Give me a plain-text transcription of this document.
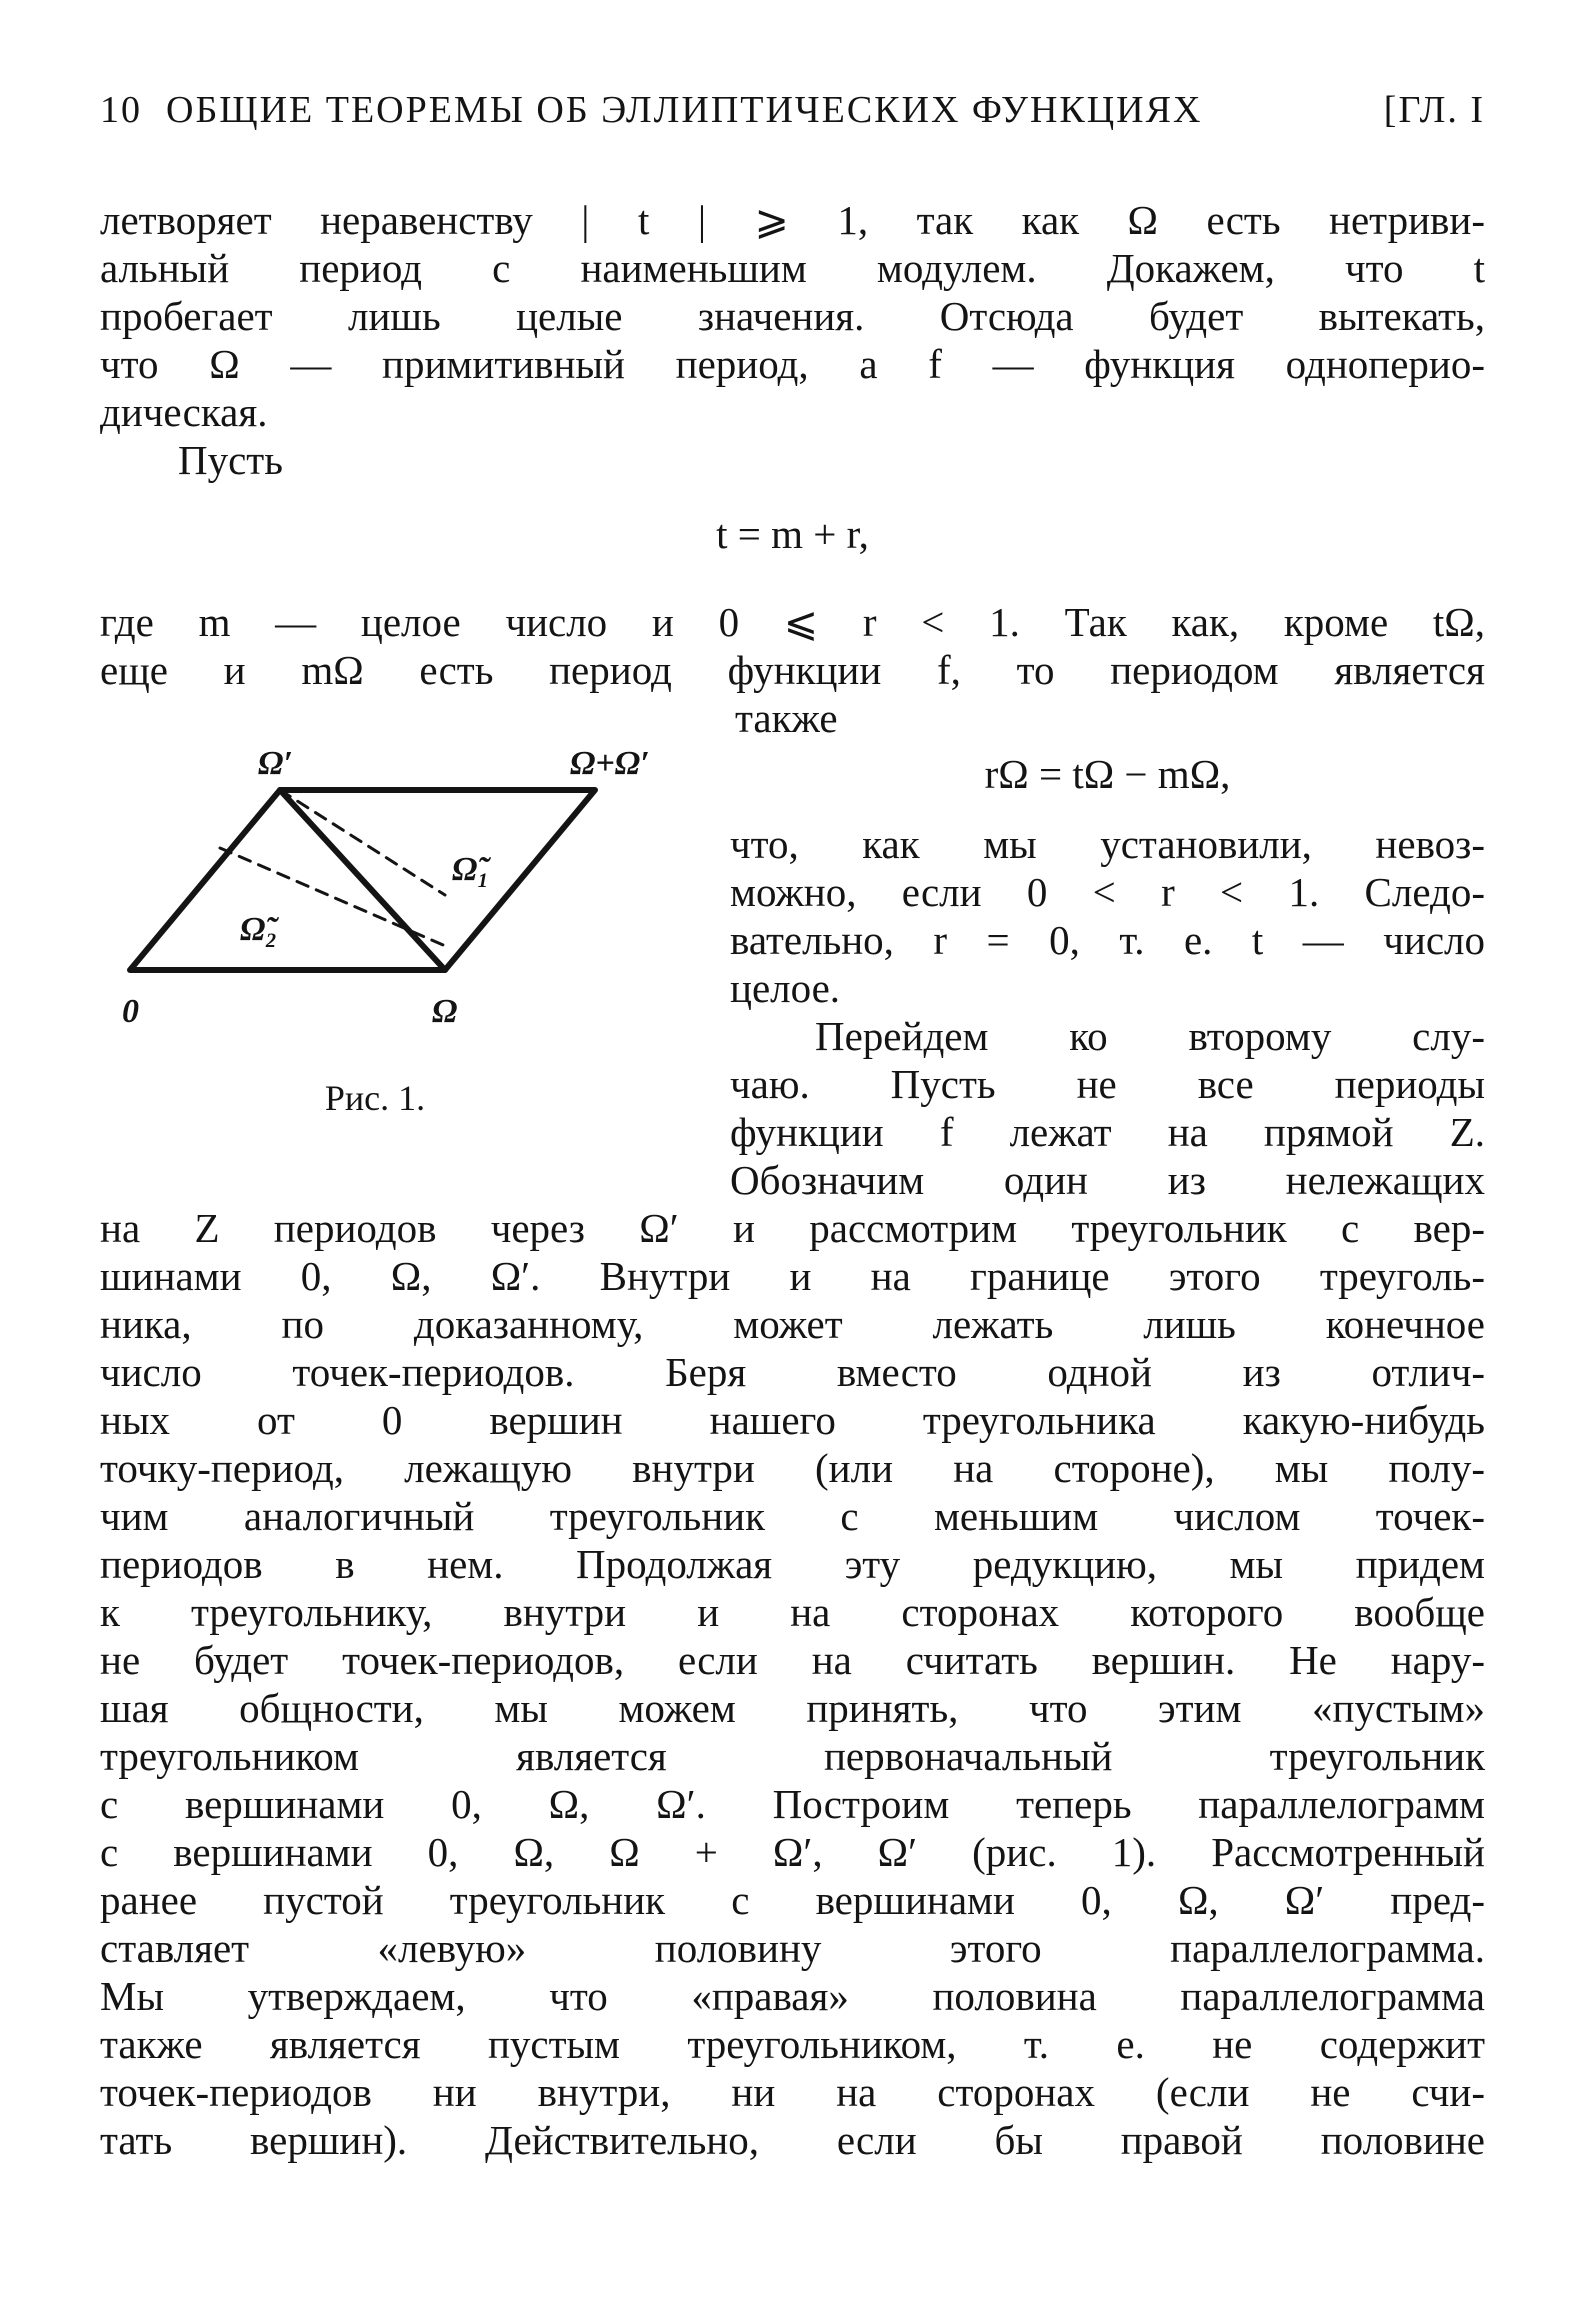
10 ОБЩИЕ ТЕОРЕМЫ ОБ ЭЛЛИПТИЧЕСКИХ ФУНКЦИЯХ	[ГЛ. I
летворяет неравенству | t | ⩾ 1, так как Ω есть нетриви-
альный период с наименьшим модулем. Докажем, что t
пробегает лишь целые значения. Отсюда будет вытекать,
что Ω — примитивный период, а f — функция одноперио-
дическая.
Пусть
t = m + r,
где m — целое число и 0 ⩽ r < 1. Так как, кроме tΩ,
еще и mΩ есть период функции f, то периодом является
также
rΩ = tΩ − mΩ,
что, как мы установили, невоз-
можно, если 0 < r < 1. Следо-
вательно, r = 0, т. е. t — число
целое.
Перейдем ко второму слу-
чаю. Пусть не все периоды
функции f лежат на прямой Z.
Обозначим один из нележащих
Ω′	Ω+Ω′
0	Ω
Ω̃₁
Ω̃₂
Рис. 1.
на Z периодов через Ω′ и рассмотрим треугольник с вер-
шинами 0, Ω, Ω′. Внутри и на границе этого треуголь-
ника, по доказанному, может лежать лишь конечное
число точек-периодов. Беря вместо одной из отлич-
ных от 0 вершин нашего треугольника какую-нибудь
точку-период, лежащую внутри (или на стороне), мы полу-
чим аналогичный треугольник с меньшим числом точек-
периодов в нем. Продолжая эту редукцию, мы придем
к треугольнику, внутри и на сторонах которого вообще
не будет точек-периодов, если на считать вершин. Не нару-
шая общности, мы можем принять, что этим «пустым»
треугольником является первоначальный треугольник
с вершинами 0, Ω, Ω′. Построим теперь параллелограмм
с вершинами 0, Ω, Ω + Ω′, Ω′ (рис. 1). Рассмотренный
ранее пустой треугольник с вершинами 0, Ω, Ω′ пред-
ставляет «левую» половину этого параллелограмма.
Мы утверждаем, что «правая» половина параллелограмма
также является пустым треугольником, т. е. не содержит
точек-периодов ни внутри, ни на сторонах (если не счи-
тать вершин). Действительно, если бы правой половине
